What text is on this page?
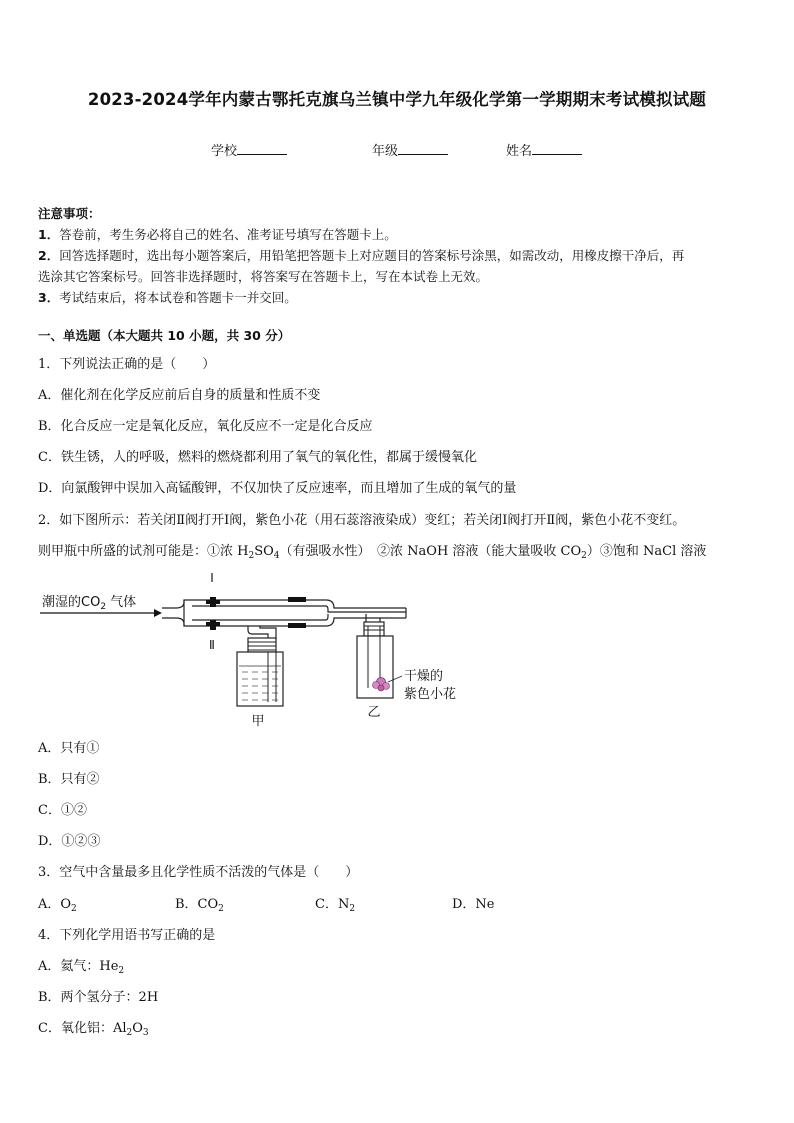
2023-2024学年内蒙古鄂托克旗乌兰镇中学九年级化学第一学期期末考试模拟试题
学校	年级	姓名
注意事项：
1．答卷前，考生务必将自己的姓名、准考证号填写在答题卡上。
2．回答选择题时，选出每小题答案后，用铅笔把答题卡上对应题目的答案标号涂黑，如需改动，用橡皮擦干净后，再
选涂其它答案标号。回答非选择题时，将答案写在答题卡上，写在本试卷上无效。
3．考试结束后，将本试卷和答题卡一并交回。
一、单选题（本大题共 10 小题，共 30 分）
1．下列说法正确的是（　　）
A．催化剂在化学反应前后自身的质量和性质不变
B．化合反应一定是氧化反应，氧化反应不一定是化合反应
C．铁生锈，人的呼吸，燃料的燃烧都利用了氧气的氧化性，都属于缓慢氧化
D．向氯酸钾中误加入高锰酸钾，不仅加快了反应速率，而且增加了生成的氧气的量
2．如下图所示：若关闭Ⅱ阀打开Ⅰ阀，紫色小花（用石蕊溶液染成）变红；若关闭Ⅰ阀打开Ⅱ阀，紫色小花不变红。
则甲瓶中所盛的试剂可能是：①浓 $H_2SO_4$（有强吸水性）　②浓 NaOH 溶液（能大量吸收 $CO_2)③$饱和 NaCl 溶液
潮湿的$CO_2$ 气体
Ⅰ
Ⅱ
甲
干燥的
紫色小花
乙
A．只有①
B．只有②
C．①②
D．①②③
3．空气中含量最多且化学性质不活泼的气体是（　　）
A．$O_2$	B．$CO_2$	C．$N_2$	D．Ne
4．下列化学用语书写正确的是
A．氦气：$He_2$
B．两个氢分子：2H
C．氧化铝：$Al_2O_3$
